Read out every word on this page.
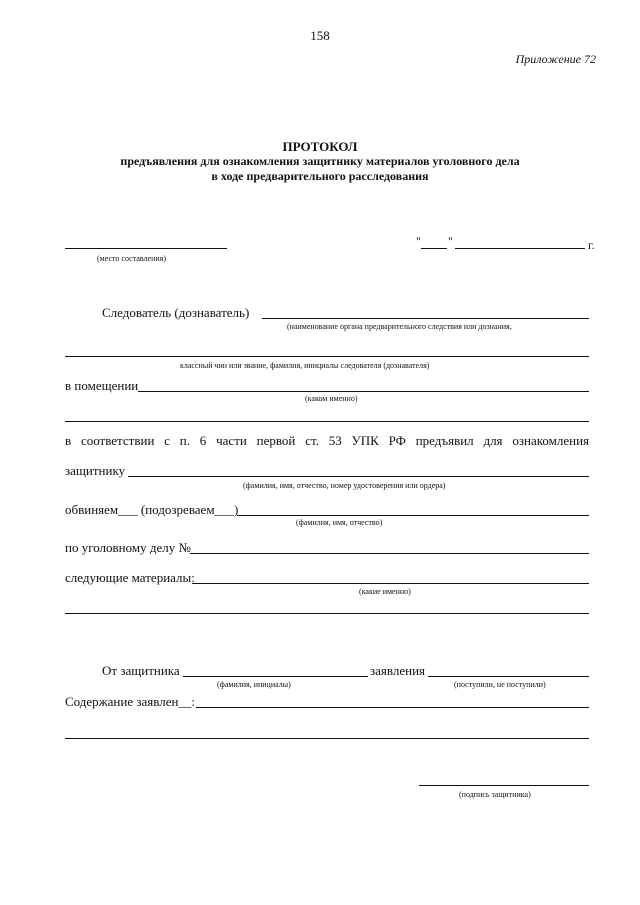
158
Приложение 72
ПРОТОКОЛ
предъявления для ознакомления защитнику материалов уголовного дела
в ходе предварительного расследования
(место составления)
" "	г.
Следователь (дознаватель)
(наименование органа предварительного следствия или дознания,
классный чин или звание, фамилия, инициалы следователя (дознавателя)
в помещении
(каком именно)
в соответствии с п. 6 части первой ст. 53 УПК РФ предъявил для ознакомления
защитнику
(фамилия, имя, отчество, номер удостоверения или ордера)
обвиняем___ (подозреваем___)
(фамилия, имя, отчество)
по уголовному делу №
следующие материалы:
(какие именно)
От защитника
(фамилия, инициалы)
заявления
(поступили, не поступили)
Содержание заявлен__:
(подпись защитника)
